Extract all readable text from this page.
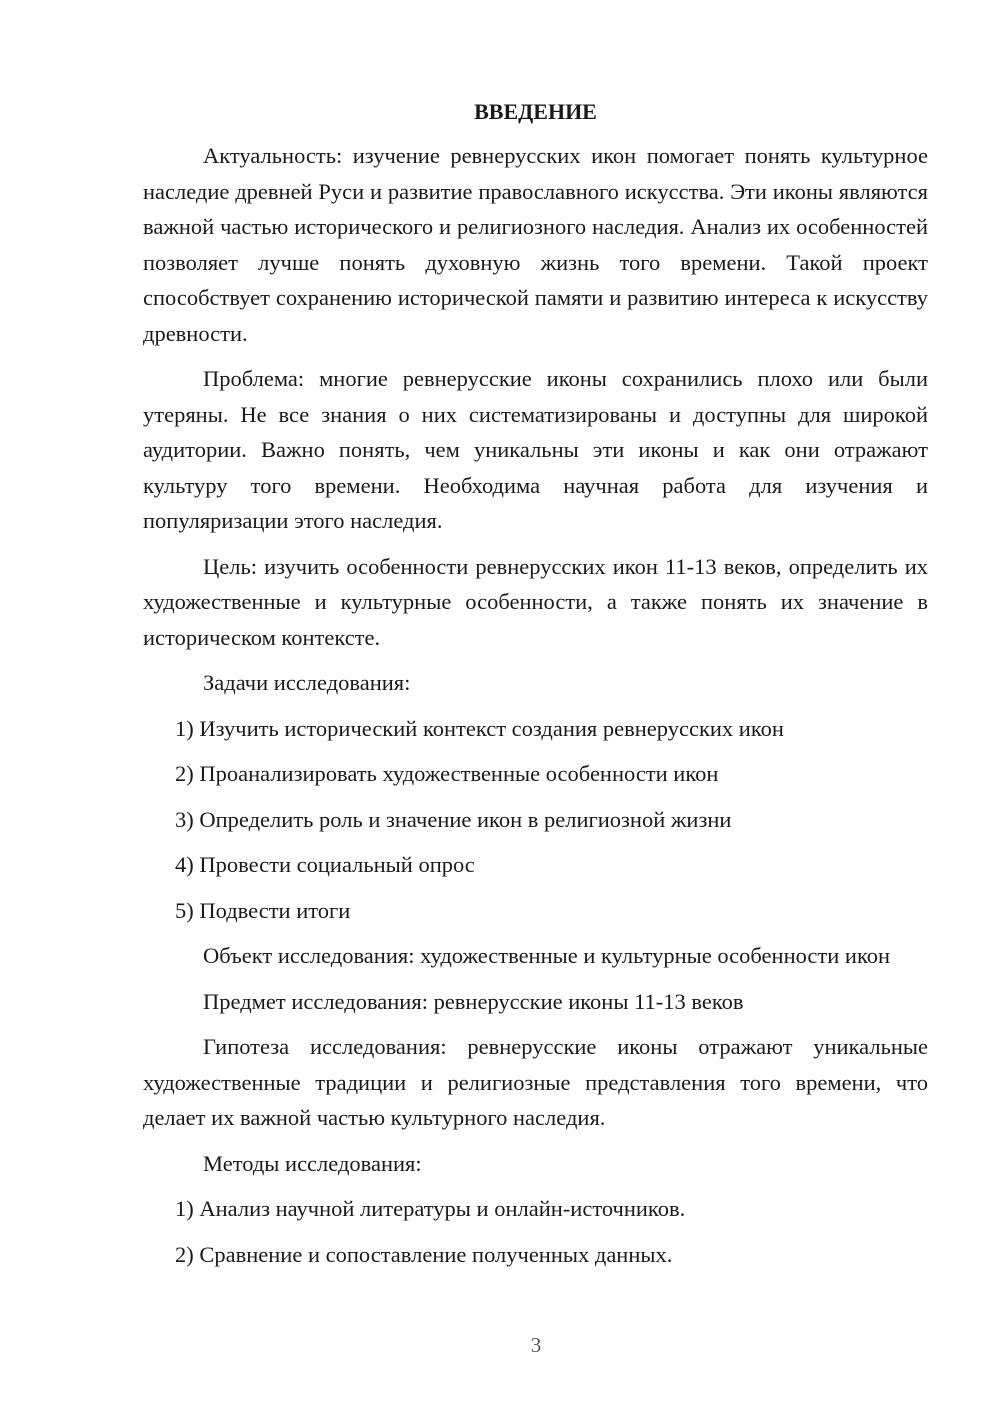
ВВЕДЕНИЕ

Актуальность: изучение ревнерусских икон помогает понять культурное наследие древней Руси и развитие православного искусства. Эти иконы являются важной частью исторического и религиозного наследия. Анализ их особенностей позволяет лучше понять духовную жизнь того времени. Такой проект способствует сохранению исторической памяти и развитию интереса к искусству древности.

Проблема: многие ревнерусские иконы сохранились плохо или были утеряны. Не все знания о них систематизированы и доступны для широкой аудитории. Важно понять, чем уникальны эти иконы и как они отражают культуру того времени. Необходима научная работа для изучения и популяризации этого наследия.

Цель: изучить особенности ревнерусских икон 11-13 веков, определить их художественные и культурные особенности, а также понять их значение в историческом контексте.

Задачи исследования:

1) Изучить исторический контекст создания ревнерусских икон
2) Проанализировать художественные особенности икон
3) Определить роль и значение икон в религиозной жизни
4) Провести социальный опрос
5) Подвести итоги

Объект исследования: художественные и культурные особенности икон

Предмет исследования: ревнерусские иконы 11-13 веков

Гипотеза исследования: ревнерусские иконы отражают уникальные художественные традиции и религиозные представления того времени, что делает их важной частью культурного наследия.

Методы исследования:

1) Анализ научной литературы и онлайн-источников.
2) Сравнение и сопоставление полученных данных.
3
